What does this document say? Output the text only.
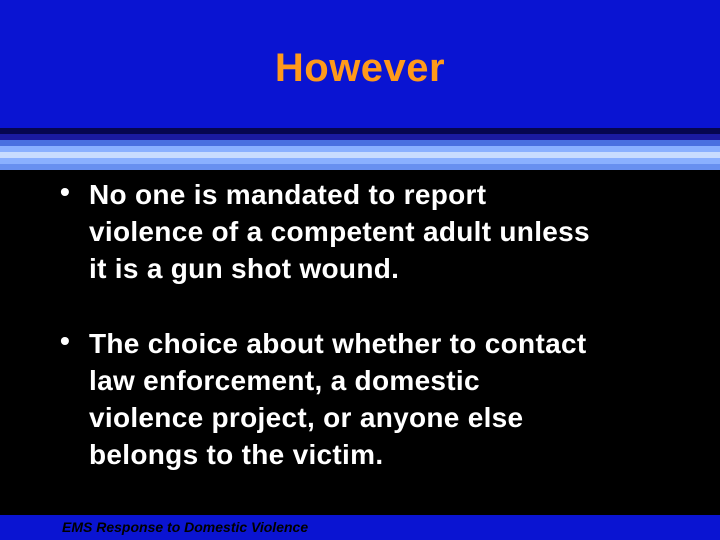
However
• No one is mandated to report
violence of a competent adult unless
it is a gun shot wound.
• The choice about whether to contact
law enforcement, a domestic
violence project, or anyone else
belongs to the victim.
EMS Response to Domestic Violence
